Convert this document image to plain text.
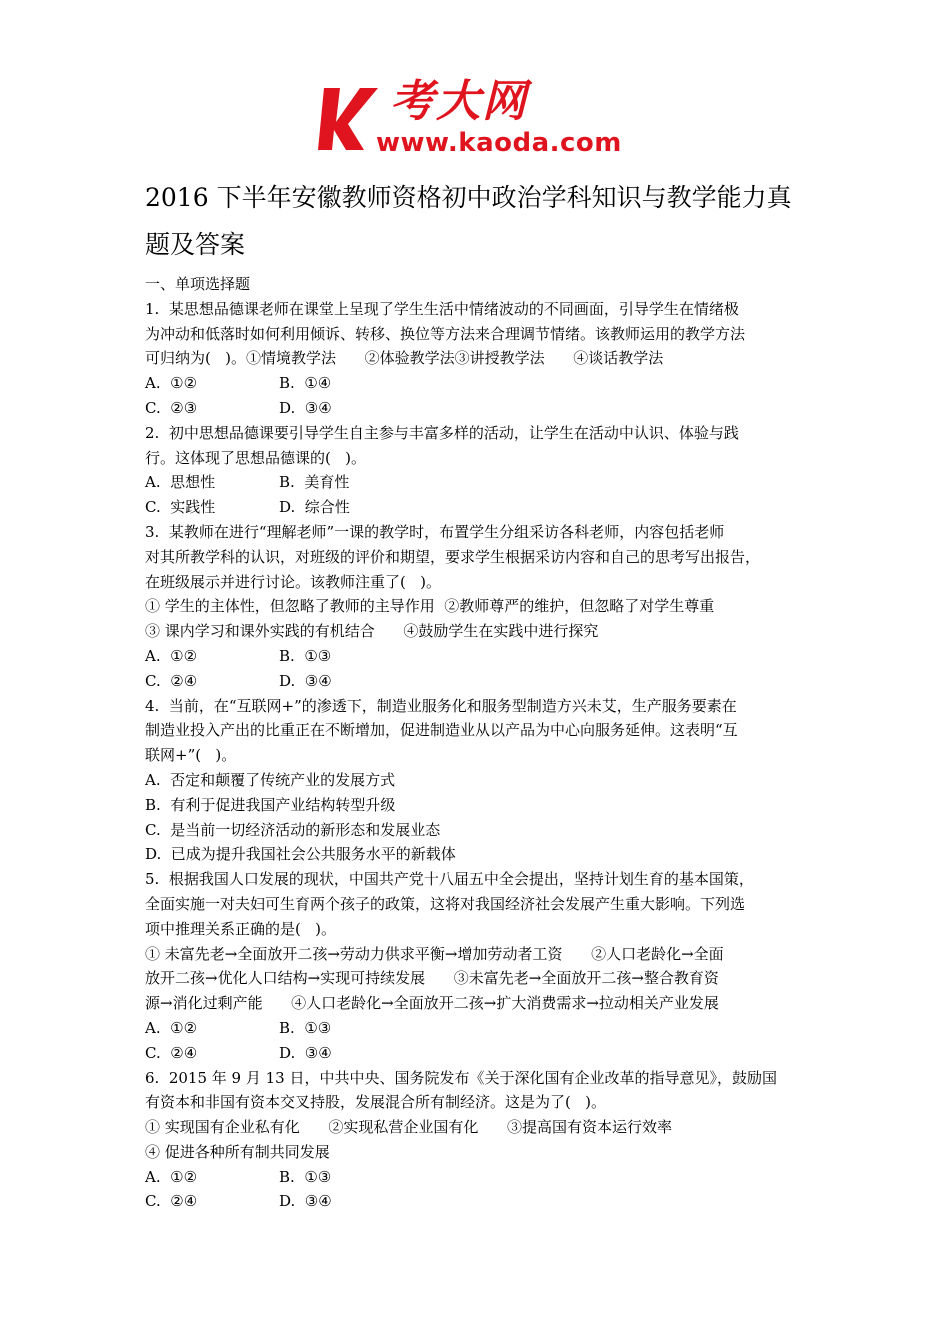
考大网
www.kaoda.com
2016 下半年安徽教师资格初中政治学科知识与教学能力真
题及答案
一、单项选择题
1.  某思想品德课老师在课堂上呈现了学生生活中情绪波动的不同画面，引导学生在情绪极
为冲动和低落时如何利用倾诉、转移、换位等方法来合理调节情绪。该教师运用的教学方法
可归纳为(   )。①情境教学法      ②体验教学法③讲授教学法      ④谈话教学法
A.  ①②	B.  ①④
C.  ②③	D.  ③④
2.  初中思想品德课要引导学生自主参与丰富多样的活动，让学生在活动中认识、体验与践
行。这体现了思想品德课的(   )。
A.  思想性	B.  美育性
C.  实践性	D.  综合性
3.  某教师在进行“理解老师”一课的教学时，布置学生分组采访各科老师，内容包括老师
对其所教学科的认识，对班级的评价和期望，要求学生根据采访内容和自己的思考写出报告，
在班级展示并进行讨论。该教师注重了(   )。
① 学生的主体性，但忽略了教师的主导作用  ②教师尊严的维护，但忽略了对学生尊重
③ 课内学习和课外实践的有机结合      ④鼓励学生在实践中进行探究
A.  ①②	B.  ①③
C.  ②④	D.  ③④
4.  当前，在“互联网+”的渗透下，制造业服务化和服务型制造方兴未艾，生产服务要素在
制造业投入产出的比重正在不断增加，促进制造业从以产品为中心向服务延伸。这表明“互
联网+”(   )。
A.  否定和颠覆了传统产业的发展方式
B.  有利于促进我国产业结构转型升级
C.  是当前一切经济活动的新形态和发展业态
D.  已成为提升我国社会公共服务水平的新载体
5.  根据我国人口发展的现状，中国共产党十八届五中全会提出，坚持计划生育的基本国策，
全面实施一对夫妇可生育两个孩子的政策，这将对我国经济社会发展产生重大影响。下列选
项中推理关系正确的是(   )。
① 未富先老→全面放开二孩→劳动力供求平衡→增加劳动者工资      ②人口老龄化→全面
放开二孩→优化人口结构→实现可持续发展      ③未富先老→全面放开二孩→整合教育资
源→消化过剩产能      ④人口老龄化→全面放开二孩→扩大消费需求→拉动相关产业发展
A.  ①②	B.  ①③
C.  ②④	D.  ③④
6.  2015 年 9 月 13 日，中共中央、国务院发布《关于深化国有企业改革的指导意见》，鼓励国
有资本和非国有资本交叉持股，发展混合所有制经济。这是为了(   )。
① 实现国有企业私有化      ②实现私营企业国有化      ③提高国有资本运行效率
④ 促进各种所有制共同发展
A.  ①②	B.  ①③
C.  ②④	D.  ③④
